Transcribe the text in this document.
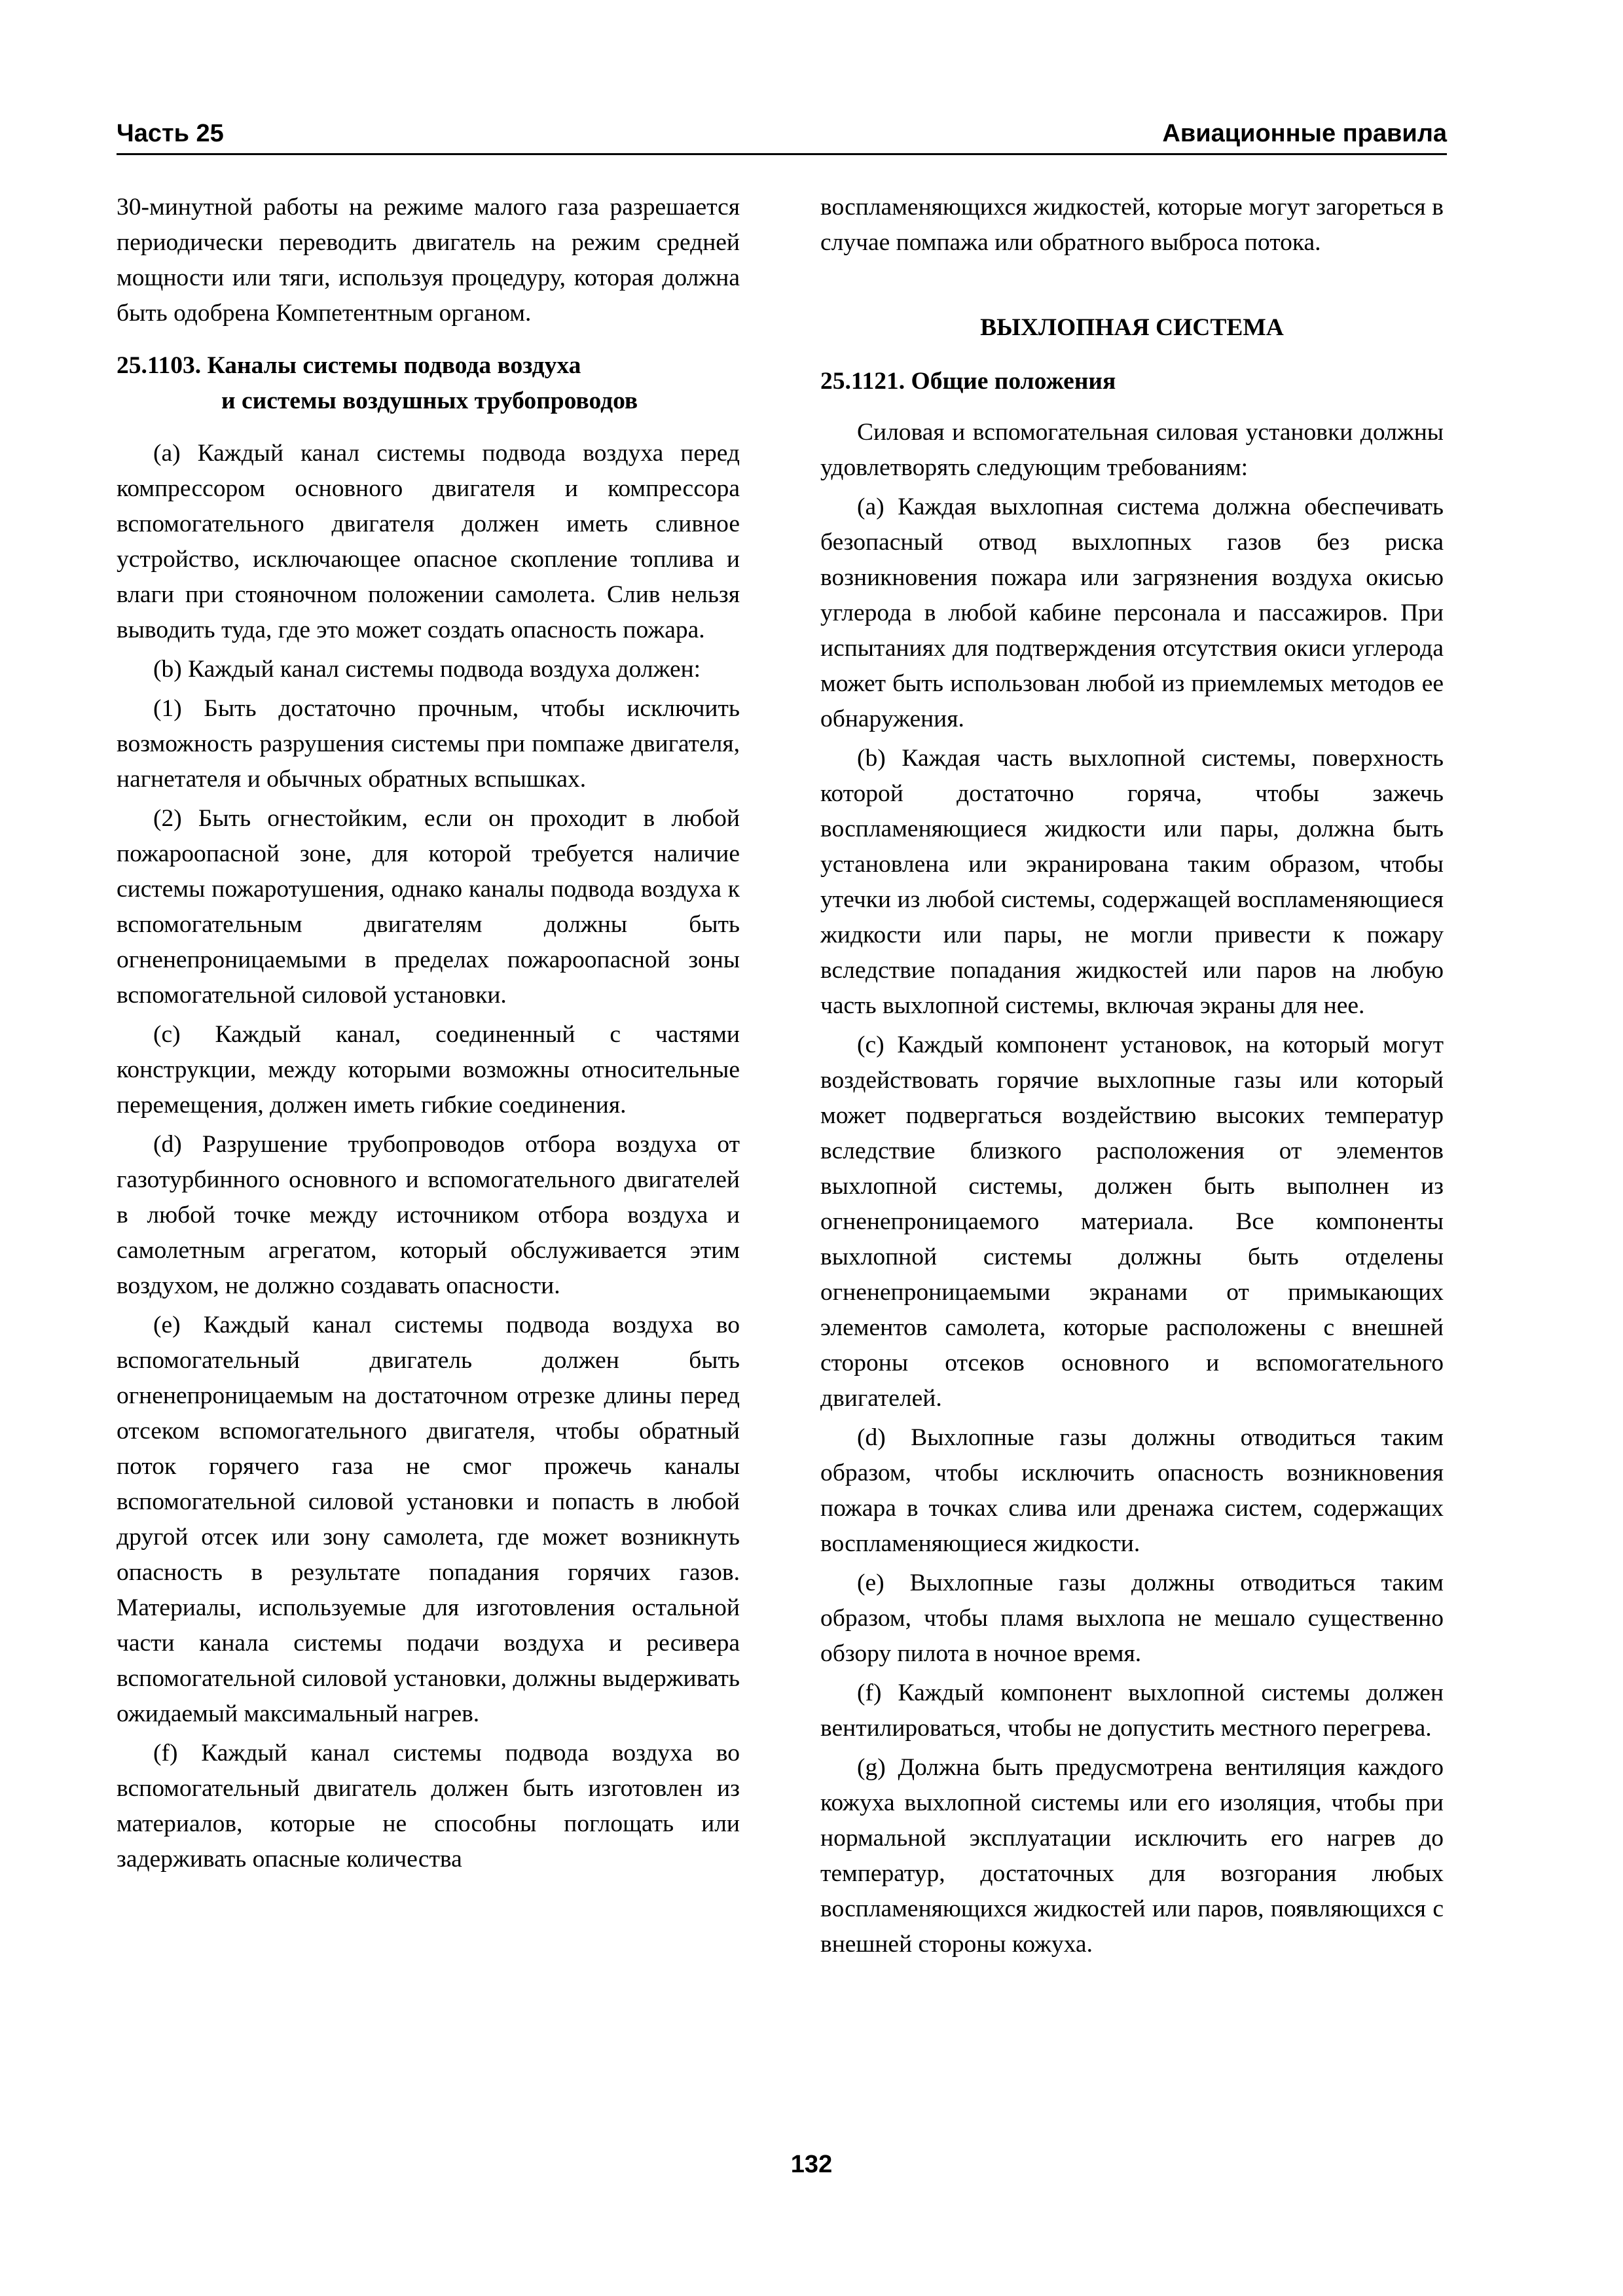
Часть 25	Авиационные правила

30-минутной работы на режиме малого газа разрешается периодически переводить двигатель на режим средней мощности или тяги, используя процедуру, которая должна быть одобрена Компетентным органом.

25.1103. Каналы системы подвода воздуха
и системы воздушных трубопроводов

(a) Каждый канал системы подвода воздуха перед компрессором основного двигателя и компрессора вспомогательного двигателя должен иметь сливное устройство, исключающее опасное скопление топлива и влаги при стояночном положении самолета. Слив нельзя выводить туда, где это может создать опасность пожара.

(b) Каждый канал системы подвода воздуха должен:

(1) Быть достаточно прочным, чтобы исключить возможность разрушения системы при помпаже двигателя, нагнетателя и обычных обратных вспышках.

(2) Быть огнестойким, если он проходит в любой пожароопасной зоне, для которой требуется наличие системы пожаротушения, однако каналы подвода воздуха к вспомогательным двигателям должны быть огненепроницаемыми в пределах пожароопасной зоны вспомогательной силовой установки.

(c) Каждый канал, соединенный с частями конструкции, между которыми возможны относительные перемещения, должен иметь гибкие соединения.

(d) Разрушение трубопроводов отбора воздуха от газотурбинного основного и вспомогательного двигателей в любой точке между источником отбора воздуха и самолетным агрегатом, который обслуживается этим воздухом, не должно создавать опасности.

(e) Каждый канал системы подвода воздуха во вспомогательный двигатель должен быть огненепроницаемым на достаточном отрезке длины перед отсеком вспомогательного двигателя, чтобы обратный поток горячего газа не смог прожечь каналы вспомогательной силовой установки и попасть в любой другой отсек или зону самолета, где может возникнуть опасность в результате попадания горячих газов. Материалы, используемые для изготовления остальной части канала системы подачи воздуха и ресивера вспомогательной силовой установки, должны выдерживать ожидаемый максимальный нагрев.

(f) Каждый канал системы подвода воздуха во вспомогательный двигатель должен быть изготовлен из материалов, которые не способны поглощать или задерживать опасные количества

воспламеняющихся жидкостей, которые могут загореться в случае помпажа или обратного выброса потока.

ВЫХЛОПНАЯ СИСТЕМА
25.1121. Общие положения

Силовая и вспомогательная силовая установки должны удовлетворять следующим требованиям:

(a) Каждая выхлопная система должна обеспечивать безопасный отвод выхлопных газов без риска возникновения пожара или загрязнения воздуха окисью углерода в любой кабине персонала и пассажиров. При испытаниях для подтверждения отсутствия окиси углерода может быть использован любой из приемлемых методов ее обнаружения.

(b) Каждая часть выхлопной системы, поверхность которой достаточно горяча, чтобы зажечь воспламеняющиеся жидкости или пары, должна быть установлена или экранирована таким образом, чтобы утечки из любой системы, содержащей воспламеняющиеся жидкости или пары, не могли привести к пожару вследствие попадания жидкостей или паров на любую часть выхлопной системы, включая экраны для нее.

(c) Каждый компонент установок, на который могут воздействовать горячие выхлопные газы или который может подвергаться воздействию высоких температур вследствие близкого расположения от элементов выхлопной системы, должен быть выполнен из огненепроницаемого материала. Все компоненты выхлопной системы должны быть отделены огненепроницаемыми экранами от примыкающих элементов самолета, которые расположены с внешней стороны отсеков основного и вспомогательного двигателей.

(d) Выхлопные газы должны отводиться таким образом, чтобы исключить опасность возникновения пожара в точках слива или дренажа систем, содержащих воспламеняющиеся жидкости.

(e) Выхлопные газы должны отводиться таким образом, чтобы пламя выхлопа не мешало существенно обзору пилота в ночное время.

(f) Каждый компонент выхлопной системы должен вентилироваться, чтобы не допустить местного перегрева.

(g) Должна быть предусмотрена вентиляция каждого кожуха выхлопной системы или его изоляция, чтобы при нормальной эксплуатации исключить его нагрев до температур, достаточных для возгорания любых воспламеняющихся жидкостей или паров, появляющихся с внешней стороны кожуха.

132
